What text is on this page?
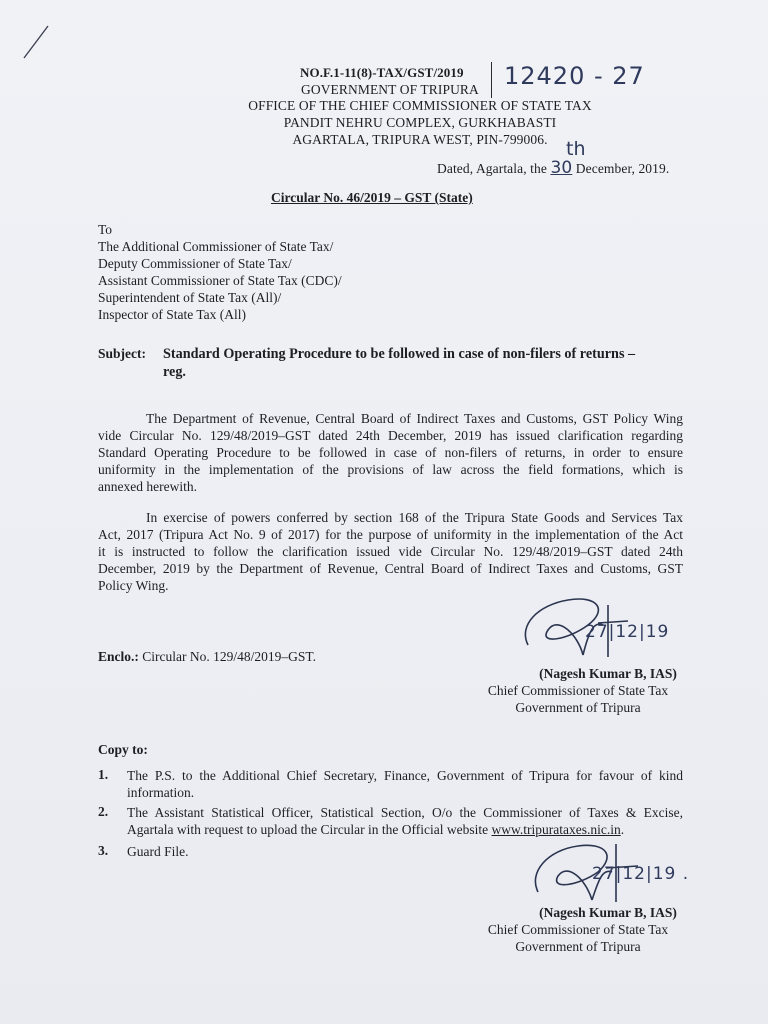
NO.F.1-11(8)-TAX/GST/2019 12420 - 27
GOVERNMENT OF TRIPURA
OFFICE OF THE CHIEF COMMISSIONER OF STATE TAX
PANDIT NEHRU COMPLEX, GURKHABASTI
AGARTALA, TRIPURA WEST, PIN-799006.
Dated, Agartala, the 30 December, 2019.
th
Circular No. 46/2019 – GST (State)
To
The Additional Commissioner of State Tax/
Deputy Commissioner of State Tax/
Assistant Commissioner of State Tax (CDC)/
Superintendent of State Tax (All)/
Inspector of State Tax (All)
Subject: Standard Operating Procedure to be followed in case of non-filers of returns –
reg.
The Department of Revenue, Central Board of Indirect Taxes and Customs, GST Policy Wing
vide Circular No. 129/48/2019–GST dated 24th December, 2019 has issued clarification regarding
Standard Operating Procedure to be followed in case of non-filers of returns, in order to ensure
uniformity in the implementation of the provisions of law across the field formations, which is
annexed herewith.
In exercise of powers conferred by section 168 of the Tripura State Goods and Services Tax
Act, 2017 (Tripura Act No. 9 of 2017) for the purpose of uniformity in the implementation of the Act
it is instructed to follow the clarification issued vide Circular No. 129/48/2019–GST dated 24th
December, 2019 by the Department of Revenue, Central Board of Indirect Taxes and Customs, GST
Policy Wing.
Enclo.: Circular No. 129/48/2019–GST.
27|12|19
(Nagesh Kumar B, IAS)
Chief Commissioner of State Tax
Government of Tripura
Copy to:
1. The P.S. to the Additional Chief Secretary, Finance, Government of Tripura for favour of kind
information.
2. The Assistant Statistical Officer, Statistical Section, O/o the Commissioner of Taxes & Excise,
Agartala with request to upload the Circular in the Official website www.tripurataxes.nic.in.
3. Guard File.
27|12|19 .
(Nagesh Kumar B, IAS)
Chief Commissioner of State Tax
Government of Tripura
